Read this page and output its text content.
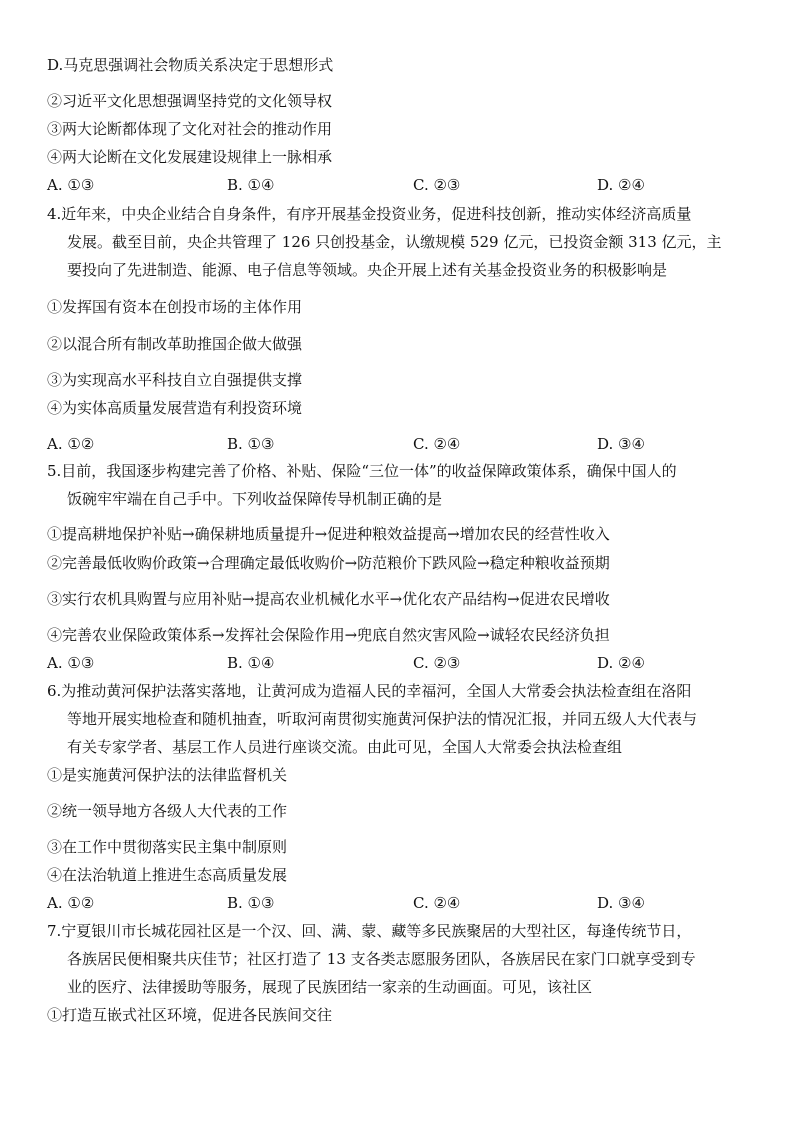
D.马克思强调社会物质关系决定于思想形式
②习近平文化思想强调坚持党的文化领导权
③两大论断都体现了文化对社会的推动作用
④两大论断在文化发展建设规律上一脉相承
A. ①③	B. ①④	C. ②③	D. ②④
4.近年来，中央企业结合自身条件，有序开展基金投资业务，促进科技创新，推动实体经济高质量
发展。截至目前，央企共管理了 126 只创投基金，认缴规模 529 亿元，已投资金额 313 亿元，主
要投向了先进制造、能源、电子信息等领域。央企开展上述有关基金投资业务的积极影响是
①发挥国有资本在创投市场的主体作用
②以混合所有制改革助推国企做大做强
③为实现高水平科技自立自强提供支撑
④为实体高质量发展营造有利投资环境
A. ①②	B. ①③	C. ②④	D. ③④
5.目前，我国逐步构建完善了价格、补贴、保险“三位一体”的收益保障政策体系，确保中国人的
饭碗牢牢端在自己手中。下列收益保障传导机制正确的是
①提高耕地保护补贴→确保耕地质量提升→促进种粮效益提高→增加农民的经营性收入
②完善最低收购价政策→合理确定最低收购价→防范粮价下跌风险→稳定种粮收益预期
③实行农机具购置与应用补贴→提高农业机械化水平→优化农产品结构→促进农民增收
④完善农业保险政策体系→发挥社会保险作用→兜底自然灾害风险→诚轻农民经济负担
A. ①③	B. ①④	C. ②③	D. ②④
6.为推动黄河保护法落实落地，让黄河成为造福人民的幸福河，全国人大常委会执法检查组在洛阳
等地开展实地检查和随机抽查，听取河南贯彻实施黄河保护法的情况汇报，并同五级人大代表与
有关专家学者、基层工作人员进行座谈交流。由此可见，全国人大常委会执法检查组
①是实施黄河保护法的法律监督机关
②统一领导地方各级人大代表的工作
③在工作中贯彻落实民主集中制原则
④在法治轨道上推进生态高质量发展
A. ①②	B. ①③	C. ②④	D. ③④
7.宁夏银川市长城花园社区是一个汉、回、满、蒙、藏等多民族聚居的大型社区，每逢传统节日，
各族居民便相聚共庆佳节；社区打造了 13 支各类志愿服务团队，各族居民在家门口就享受到专
业的医疗、法律援助等服务，展现了民族团结一家亲的生动画面。可见，该社区
①打造互嵌式社区环境，促进各民族间交往
